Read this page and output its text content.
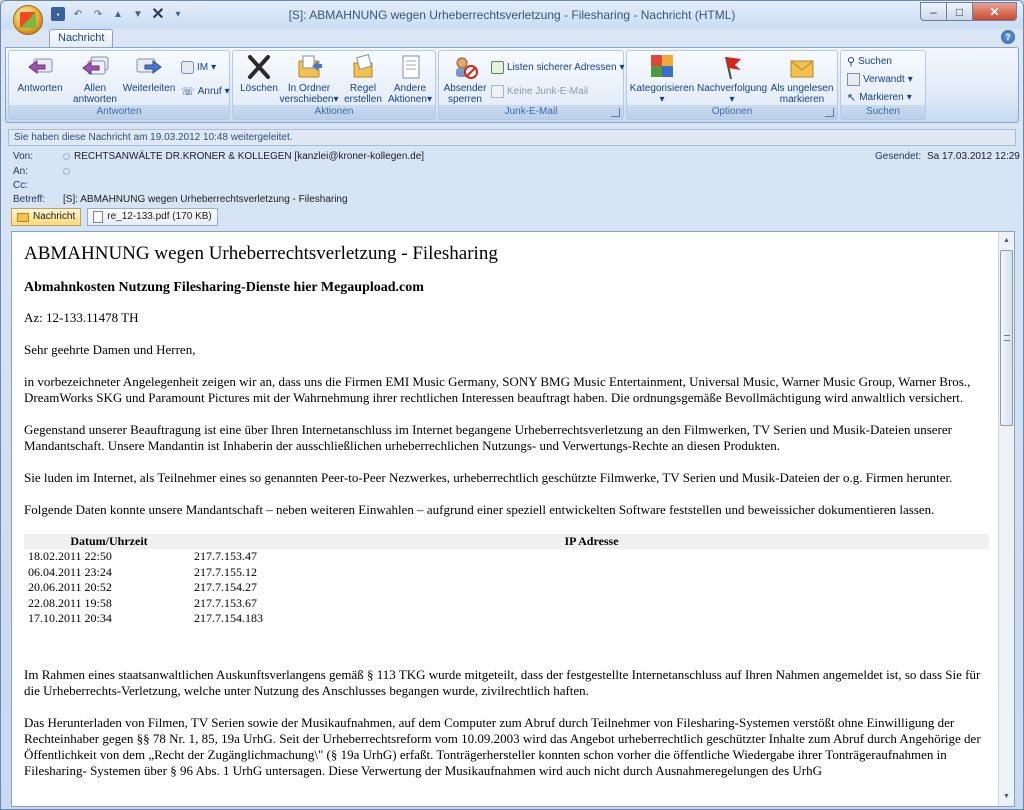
▪	↶ ↷ ▲ ▼ ✕	▾	[S]: ABMAHNUNG wegen Urheberrechtsverletzung - Filesharing - Nachricht (HTML)	–	□	✕
Nachricht	?
Antworten	Allen
antworten
Weiterleiten
IM ▾
☏ Anruf ▾
Antworten
Löschen In Ordner
verschieben▾
Regel
erstellen
Andere
Aktionen▾
Aktionen
Absender
sperren
Listen sicherer Adressen ▾
Keine Junk-E-Mail
Junk-E-Mail
Kategorisieren
▾
Nachverfolgung
▾
Als ungelesen
markieren
Optionen
⚲ Suchen
Verwandt ▾
↖ Markieren ▾
Suchen
Sie haben diese Nachricht am 19.03.2012 10:48 weitergeleitet.
Von:	RECHTSANWÄLTE DR.KRONER & KOLLEGEN [kanzlei@kroner-kollegen.de]	Gesendet: Sa 17.03.2012 12:29
An:
Cc:
Betreff: [S]: ABMAHNUNG wegen Urheberrechtsverletzung - Filesharing
Nachricht	re_12-133.pdf (170 KB)
ABMAHNUNG wegen Urheberrechtsverletzung - Filesharing
Abmahnkosten Nutzung Filesharing-Dienste hier Megaupload.com

Az: 12-133.11478 TH

Sehr geehrte Damen und Herren,

in vorbezeichneter Angelegenheit zeigen wir an, dass uns die Firmen EMI Music Germany, SONY BMG Music Entertainment, Universal Music, Warner Music Group, Warner Bros., DreamWorks SKG und Paramount Pictures mit der Wahrnehmung ihrer rechtlichen Interessen beauftragt haben. Die ordnungsgemäße Bevollmächtigung wird anwaltlich versichert.

Gegenstand unserer Beauftragung ist eine über Ihren Internetanschluss im Internet begangene Urheberrechtsverletzung an den Filmwerken, TV Serien und Musik-Dateien unserer Mandantschaft. Unsere Mandantin ist Inhaberin der ausschließlichen urheberrechlichen Nutzungs- und Verwertungs-Rechte an diesen Produkten.

Sie luden im Internet, als Teilnehmer eines so genannten Peer-to-Peer Nezwerkes, urheberrechtlich geschützte Filmwerke, TV Serien und Musik-Dateien der o.g. Firmen herunter.

Folgende Daten konnte unsere Mandantschaft – neben weiteren Einwahlen – aufgrund einer speziell entwickelten Software feststellen und beweissicher dokumentieren lassen.

Datum/Uhrzeit	IP Adresse
18.02.2011 22:50	217.7.153.47
06.04.2011 23:24	217.7.155.12
20.06.2011 20:52	217.7.154.27
22.08.2011 19:58	217.7.153.67
17.10.2011 20:34	217.7.154.183

Im Rahmen eines staatsanwaltlichen Auskunftsverlangens gemäß § 113 TKG wurde mitgeteilt, dass der festgestellte Internetanschluss auf Ihren Nahmen angemeldet ist, so dass Sie für die Urheberrechts-Verletzung, welche unter Nutzung des Anschlusses begangen wurde, zivilrechtlich haften.

Das Herunterladen von Filmen, TV Serien sowie der Musikaufnahmen, auf dem Computer zum Abruf durch Teilnehmer von Filesharing-Systemen verstößt ohne Einwilligung der Rechteinhaber gegen §§ 78 Nr. 1, 85, 19a UrhG. Seit der Urheberrechtsreform vom 10.09.2003 wird das Angebot urheberrechtlich geschützter Inhalte zum Abruf durch Angehörige der Öffentlichkeit von dem „Recht der Zugänglichmachung\" (§ 19a UrhG) erfaßt. Tonträgerhersteller konnten schon vorher die öffentliche Wiedergabe ihrer Tonträgeraufnahmen in Filesharing- Systemen über § 96 Abs. 1 UrhG untersagen. Diese Verwertung der Musikaufnahmen wird auch nicht durch Ausnahmeregelungen des UrhG

▲
▼
